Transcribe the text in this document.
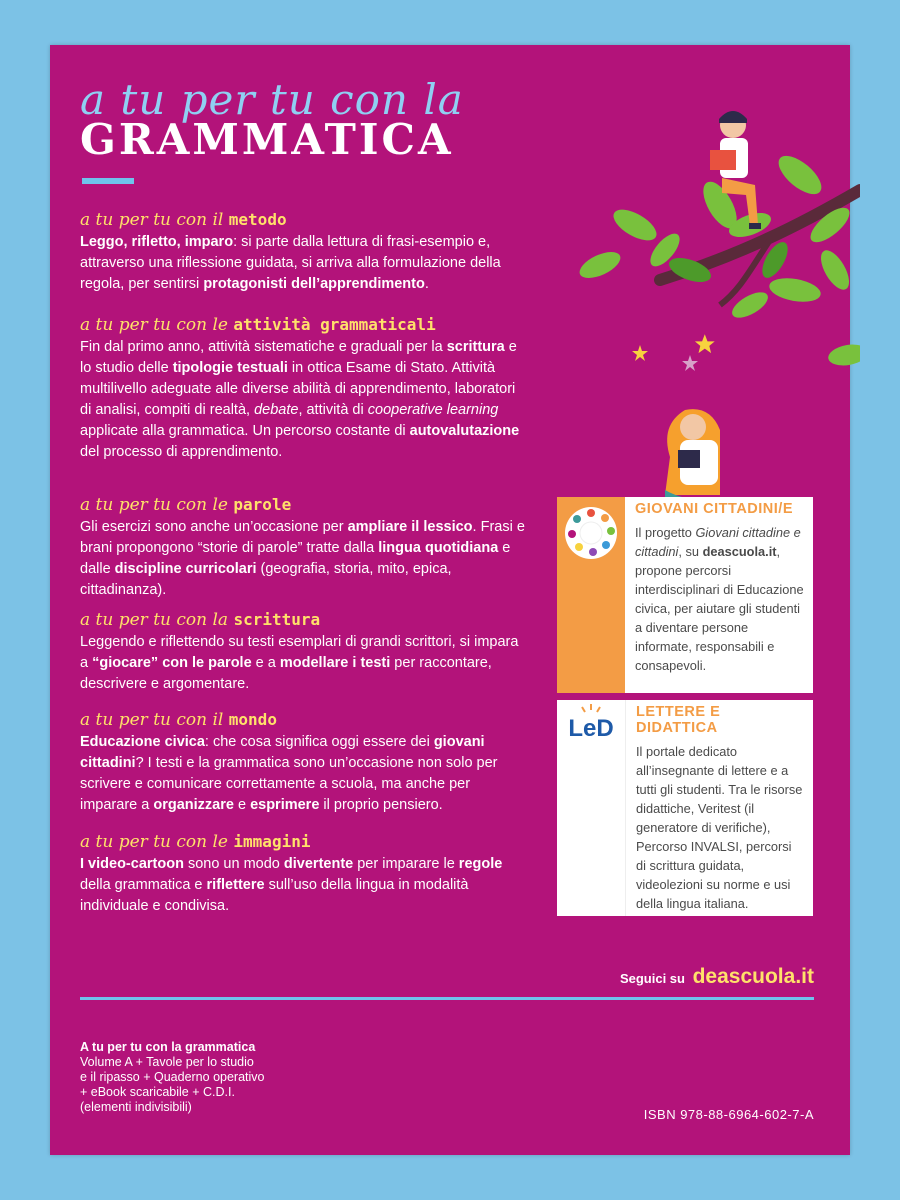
a tu per tu con la
GRAMMATICA
a tu per tu con il metodo
Leggo, rifletto, imparo: si parte dalla lettura di frasi-esempio e, attraverso una riflessione guidata, si arriva alla formulazione della regola, per sentirsi protagonisti dell’apprendimento.
a tu per tu con le attività grammaticali
Fin dal primo anno, attività sistematiche e graduali per la scrittura e lo studio delle tipologie testuali in ottica Esame di Stato. Attività multilivello adeguate alle diverse abilità di apprendimento, laboratori di analisi, compiti di realtà, debate, attività di cooperative learning applicate alla grammatica. Un percorso costante di autovalutazione del processo di apprendimento.
a tu per tu con le parole
Gli esercizi sono anche un’occasione per ampliare il lessico. Frasi e brani propongono “storie di parole” tratte dalla lingua quotidiana e dalle discipline curricolari (geografia, storia, mito, epica, cittadinanza).
a tu per tu con la scrittura
Leggendo e riflettendo su testi esemplari di grandi scrittori, si impara a “giocare” con le parole e a modellare i testi per raccontare, descrivere e argomentare.
a tu per tu con il mondo
Educazione civica: che cosa significa oggi essere dei giovani cittadini? I testi e la grammatica sono un’occasione non solo per scrivere e comunicare correttamente a scuola, ma anche per imparare a organizzare e esprimere il proprio pensiero.
a tu per tu con le immagini
I video-cartoon sono un modo divertente per imparare le regole della grammatica e riflettere sull’uso della lingua in modalità individuale e condivisa.
GIOVANI CITTADINI/E
Il progetto Giovani cittadine e cittadini, su deascuola.it, propone percorsi interdisciplinari di Educazione civica, per aiutare gli studenti a diventare persone informate, responsabili e consapevoli.
LeD
LETTERE E DIDATTICA
Il portale dedicato all’insegnante di lettere e a tutti gli studenti. Tra le risorse didattiche, Veritest (il generatore di verifiche), Percorso INVALSI, percorsi di scrittura guidata, videolezioni su norme e usi della lingua italiana.
Seguici su deascuola.it
A tu per tu con la grammatica
Volume A + Tavole per lo studio
e il ripasso + Quaderno operativo
+ eBook scaricabile + C.D.I.
(elementi indivisibili)	ISBN 978-88-6964-602-7-A
